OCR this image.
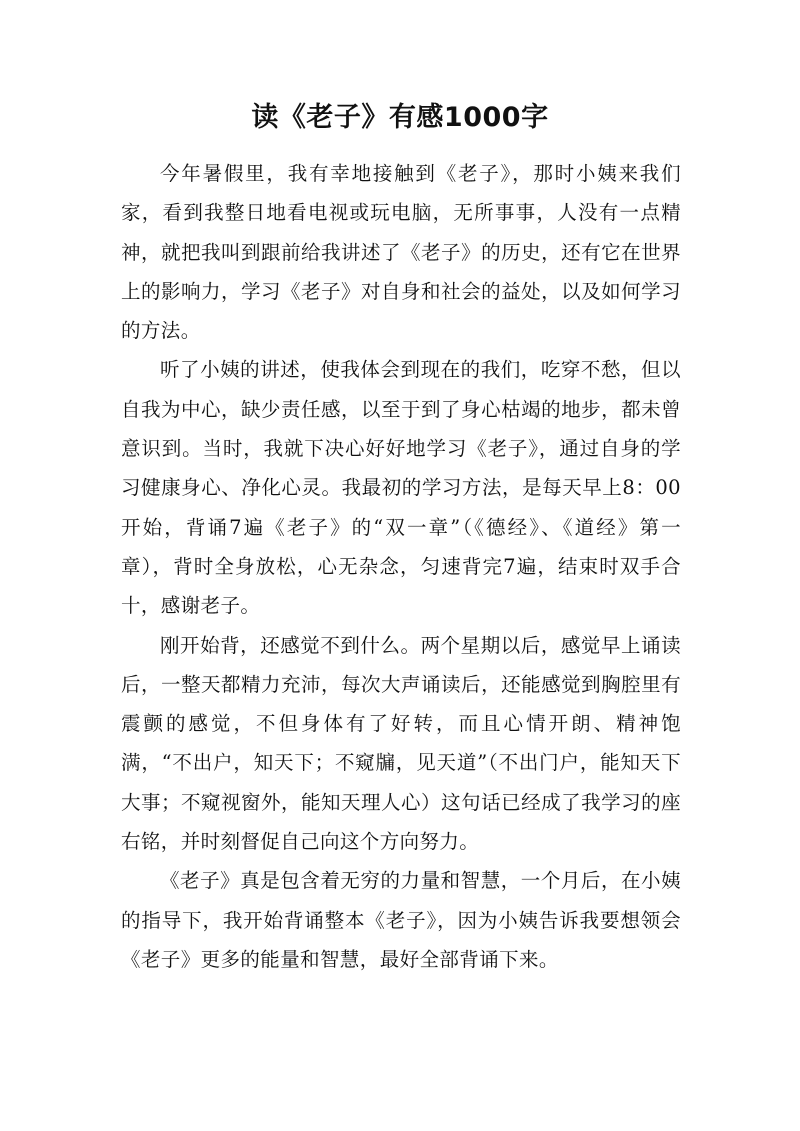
读《老子》有感1000字

今年暑假里，我有幸地接触到《老子》，那时小姨来我们家，看到我整日地看电视或玩电脑，无所事事，人没有一点精神，就把我叫到跟前给我讲述了《老子》的历史，还有它在世界上的影响力，学习《老子》对自身和社会的益处，以及如何学习的方法。

听了小姨的讲述，使我体会到现在的我们，吃穿不愁，但以自我为中心，缺少责任感，以至于到了身心枯竭的地步，都未曾意识到。当时，我就下决心好好地学习《老子》，通过自身的学习健康身心、净化心灵。我最初的学习方法，是每天早上8：00开始，背诵7遍《老子》的“双一章”（《德经》、《道经》第一章），背时全身放松，心无杂念，匀速背完7遍，结束时双手合十，感谢老子。

刚开始背，还感觉不到什么。两个星期以后，感觉早上诵读后，一整天都精力充沛，每次大声诵读后，还能感觉到胸腔里有震颤的感觉，不但身体有了好转，而且心情开朗、精神饱满，“不出户，知天下；不窥牖，见天道”（不出门户，能知天下大事；不窥视窗外，能知天理人心）这句话已经成了我学习的座右铭，并时刻督促自己向这个方向努力。

《老子》真是包含着无穷的力量和智慧，一个月后，在小姨的指导下，我开始背诵整本《老子》，因为小姨告诉我要想领会《老子》更多的能量和智慧，最好全部背诵下来。
